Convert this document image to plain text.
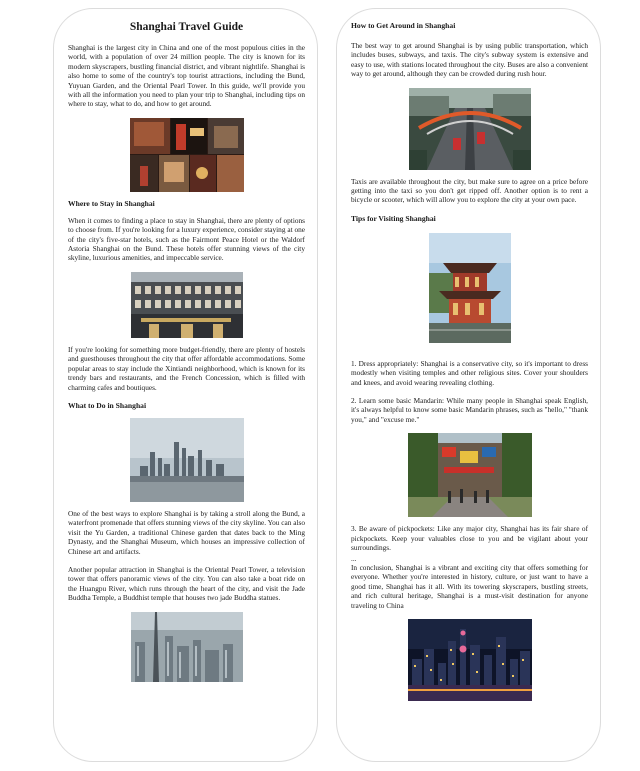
Shanghai Travel Guide

Shanghai is the largest city in China and one of the most populous cities in the world, with a population of over 24 million people. The city is known for its modern skyscrapers, bustling financial district, and vibrant nightlife. Shanghai is also home to some of the country's top tourist attractions, including the Bund, Yuyuan Garden, and the Oriental Pearl Tower. In this guide, we'll provide you with all the information you need to plan your trip to Shanghai, including tips on where to stay, what to do, and how to get around.

Where to Stay in Shanghai

When it comes to finding a place to stay in Shanghai, there are plenty of options to choose from. If you're looking for a luxury experience, consider staying at one of the city's five-star hotels, such as the Fairmont Peace Hotel or the Waldorf Astoria Shanghai on the Bund. These hotels offer stunning views of the city skyline, luxurious amenities, and impeccable service.

If you're looking for something more budget-friendly, there are plenty of hostels and guesthouses throughout the city that offer affordable accommodations. Some popular areas to stay include the Xintiandi neighborhood, which is known for its trendy bars and restaurants, and the French Concession, which is filled with charming cafes and boutiques.

What to Do in Shanghai

One of the best ways to explore Shanghai is by taking a stroll along the Bund, a waterfront promenade that offers stunning views of the city skyline. You can also visit the Yu Garden, a traditional Chinese garden that dates back to the Ming Dynasty, and the Shanghai Museum, which houses an impressive collection of Chinese art and artifacts.

Another popular attraction in Shanghai is the Oriental Pearl Tower, a television tower that offers panoramic views of the city. You can also take a boat ride on the Huangpu River, which runs through the heart of the city, and visit the Jade Buddha Temple, a Buddhist temple that houses two jade Buddha statues.

How to Get Around in Shanghai

The best way to get around Shanghai is by using public transportation, which includes buses, subways, and taxis. The city's subway system is extensive and easy to use, with stations located throughout the city. Buses are also a convenient way to get around, although they can be crowded during rush hour.

Taxis are available throughout the city, but make sure to agree on a price before getting into the taxi so you don't get ripped off. Another option is to rent a bicycle or scooter, which will allow you to explore the city at your own pace.

Tips for Visiting Shanghai

1. Dress appropriately: Shanghai is a conservative city, so it's important to dress modestly when visiting temples and other religious sites. Cover your shoulders and knees, and avoid wearing revealing clothing.

2. Learn some basic Mandarin: While many people in Shanghai speak English, it's always helpful to know some basic Mandarin phrases, such as "hello," "thank you," and "excuse me."

3. Be aware of pickpockets: Like any major city, Shanghai has its fair share of pickpockets. Keep your valuables close to you and be vigilant about your surroundings.

...

In conclusion, Shanghai is a vibrant and exciting city that offers something for everyone. Whether you're interested in history, culture, or just want to have a good time, Shanghai has it all. With its towering skyscrapers, bustling streets, and rich cultural heritage, Shanghai is a must-visit destination for anyone traveling to China
